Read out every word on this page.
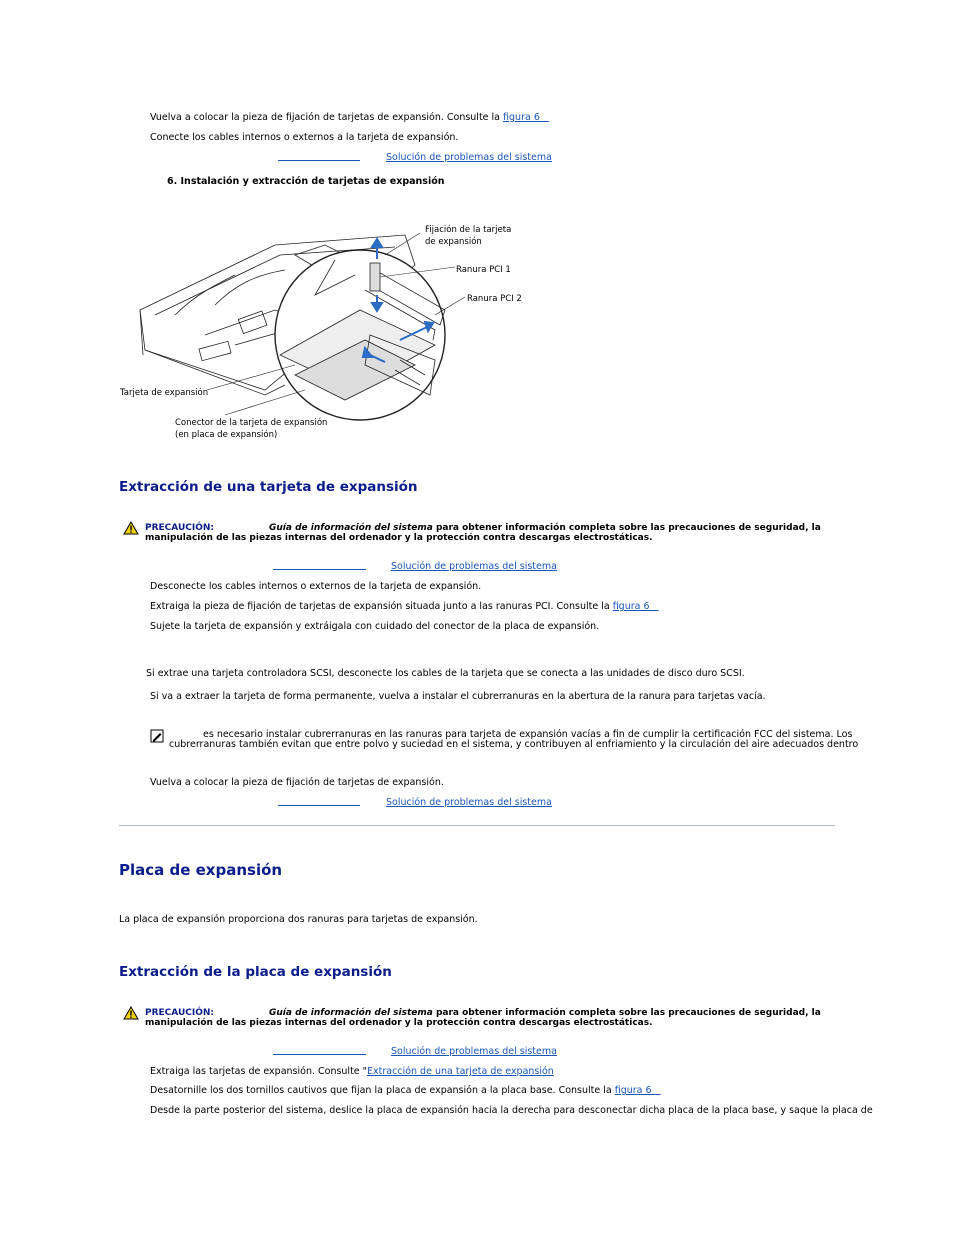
Vuelva a colocar la pieza de fijación de tarjetas de expansión. Consulte la figura 6
Conecte los cables internos o externos a la tarjeta de expansión.
Solución de problemas del sistema
6. Instalación y extracción de tarjetas de expansión
Fijación de la tarjeta
de expansión
Ranura PCI 1
Ranura PCI 2
Tarjeta de expansión
Conector de la tarjeta de expansión
(en placa de expansión)
Extracción de una tarjeta de expansión
PRECAUCIÓN:	Guía de información del sistema para obtener información completa sobre las precauciones de seguridad, la
manipulación de las piezas internas del ordenador y la protección contra descargas electrostáticas.
Solución de problemas del sistema
Desconecte los cables internos o externos de la tarjeta de expansión.
Extraiga la pieza de fijación de tarjetas de expansión situada junto a las ranuras PCI. Consulte la figura 6
Sujete la tarjeta de expansión y extráigala con cuidado del conector de la placa de expansión.
Si extrae una tarjeta controladora SCSI, desconecte los cables de la tarjeta que se conecta a las unidades de disco duro SCSI.
Si va a extraer la tarjeta de forma permanente, vuelva a instalar el cubrerranuras en la abertura de la ranura para tarjetas vacía.
es necesario instalar cubrerranuras en las ranuras para tarjeta de expansión vacías a fin de cumplir la certificación FCC del sistema. Los
cubrerranuras también evitan que entre polvo y suciedad en el sistema, y contribuyen al enfriamiento y la circulación del aire adecuados dentro
Vuelva a colocar la pieza de fijación de tarjetas de expansión.
Solución de problemas del sistema
Placa de expansión
La placa de expansión proporciona dos ranuras para tarjetas de expansión.
Extracción de la placa de expansión
PRECAUCIÓN:	Guía de información del sistema para obtener información completa sobre las precauciones de seguridad, la
manipulación de las piezas internas del ordenador y la protección contra descargas electrostáticas.
Solución de problemas del sistema
Extraiga las tarjetas de expansión. Consulte "Extracción de una tarjeta de expansión
Desatornille los dos tornillos cautivos que fijan la placa de expansión a la placa base. Consulte la figura 6
Desde la parte posterior del sistema, deslice la placa de expansión hacia la derecha para desconectar dicha placa de la placa base, y saque la placa de
